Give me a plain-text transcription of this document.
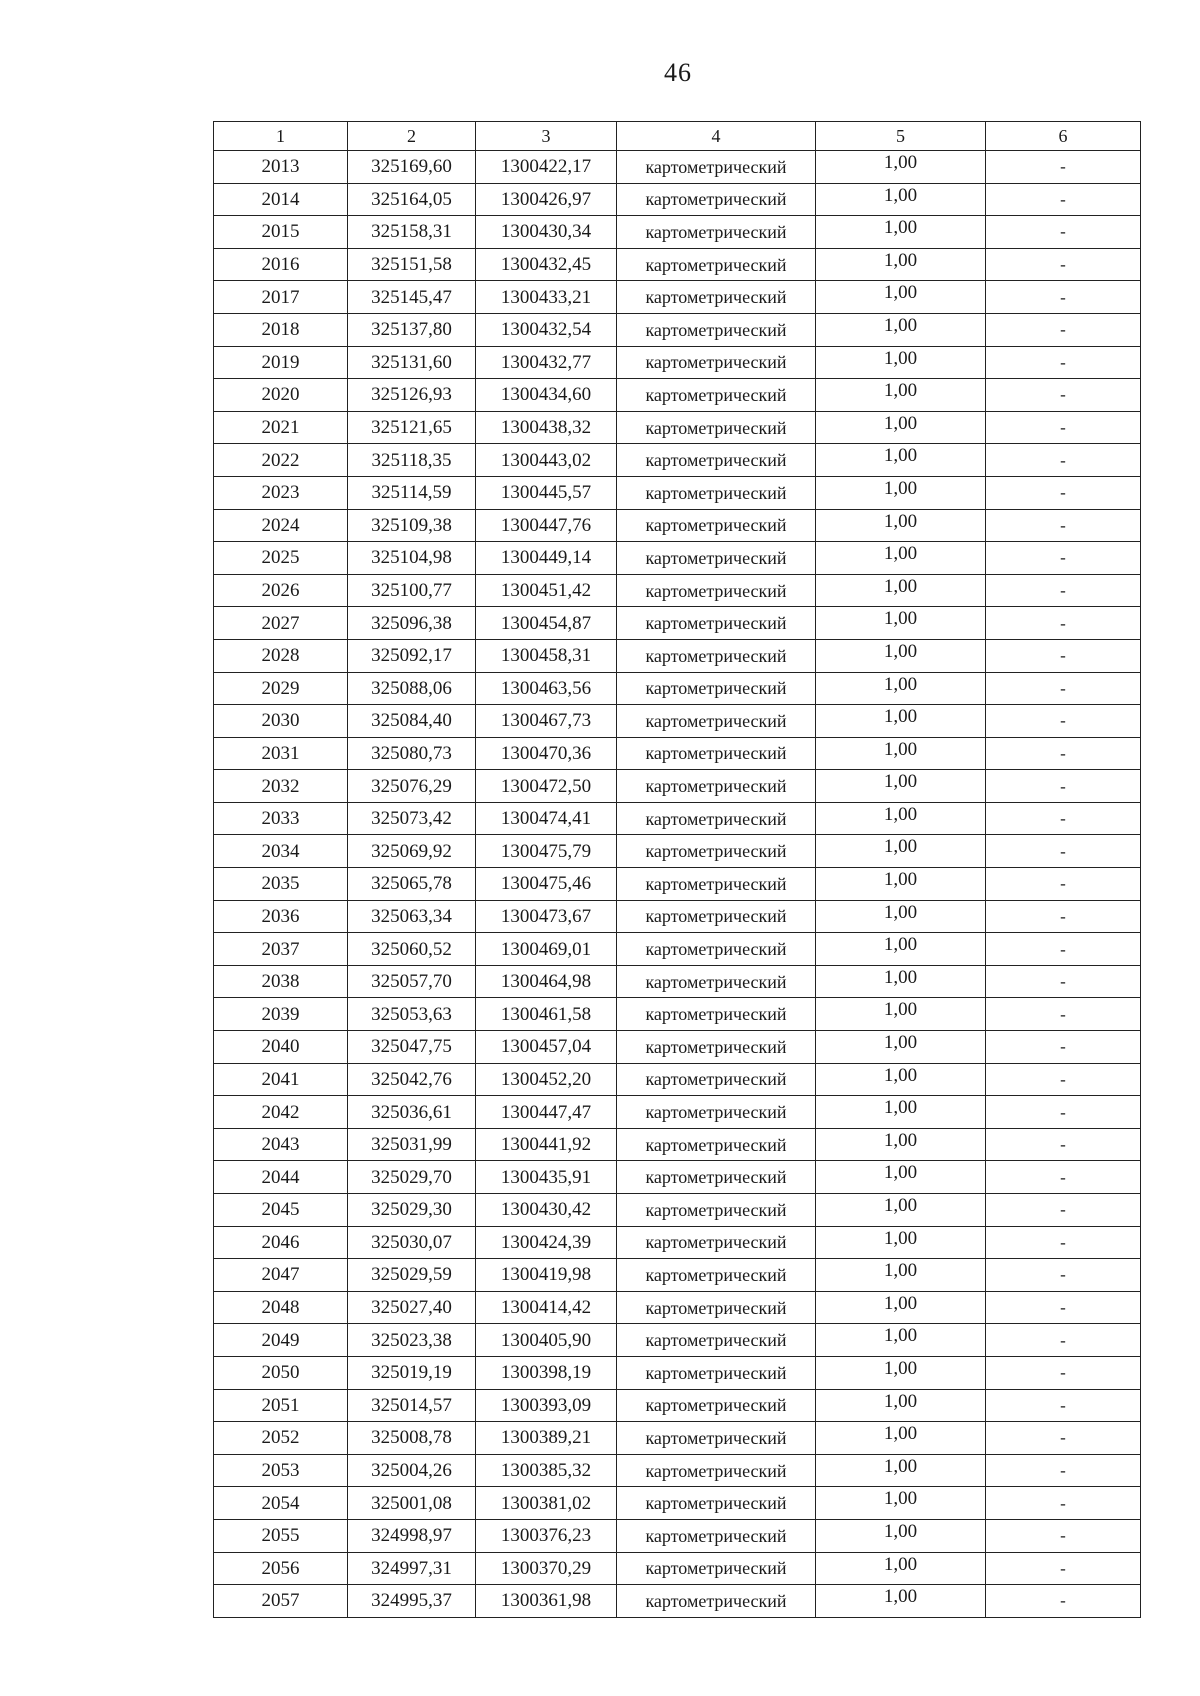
46
1	2	3	4	5	6
2013	325169,60	1300422,17	картометрический	1,00	-
2014	325164,05	1300426,97	картометрический	1,00	-
2015	325158,31	1300430,34	картометрический	1,00	-
2016	325151,58	1300432,45	картометрический	1,00	-
2017	325145,47	1300433,21	картометрический	1,00	-
2018	325137,80	1300432,54	картометрический	1,00	-
2019	325131,60	1300432,77	картометрический	1,00	-
2020	325126,93	1300434,60	картометрический	1,00	-
2021	325121,65	1300438,32	картометрический	1,00	-
2022	325118,35	1300443,02	картометрический	1,00	-
2023	325114,59	1300445,57	картометрический	1,00	-
2024	325109,38	1300447,76	картометрический	1,00	-
2025	325104,98	1300449,14	картометрический	1,00	-
2026	325100,77	1300451,42	картометрический	1,00	-
2027	325096,38	1300454,87	картометрический	1,00	-
2028	325092,17	1300458,31	картометрический	1,00	-
2029	325088,06	1300463,56	картометрический	1,00	-
2030	325084,40	1300467,73	картометрический	1,00	-
2031	325080,73	1300470,36	картометрический	1,00	-
2032	325076,29	1300472,50	картометрический	1,00	-
2033	325073,42	1300474,41	картометрический	1,00	-
2034	325069,92	1300475,79	картометрический	1,00	-
2035	325065,78	1300475,46	картометрический	1,00	-
2036	325063,34	1300473,67	картометрический	1,00	-
2037	325060,52	1300469,01	картометрический	1,00	-
2038	325057,70	1300464,98	картометрический	1,00	-
2039	325053,63	1300461,58	картометрический	1,00	-
2040	325047,75	1300457,04	картометрический	1,00	-
2041	325042,76	1300452,20	картометрический	1,00	-
2042	325036,61	1300447,47	картометрический	1,00	-
2043	325031,99	1300441,92	картометрический	1,00	-
2044	325029,70	1300435,91	картометрический	1,00	-
2045	325029,30	1300430,42	картометрический	1,00	-
2046	325030,07	1300424,39	картометрический	1,00	-
2047	325029,59	1300419,98	картометрический	1,00	-
2048	325027,40	1300414,42	картометрический	1,00	-
2049	325023,38	1300405,90	картометрический	1,00	-
2050	325019,19	1300398,19	картометрический	1,00	-
2051	325014,57	1300393,09	картометрический	1,00	-
2052	325008,78	1300389,21	картометрический	1,00	-
2053	325004,26	1300385,32	картометрический	1,00	-
2054	325001,08	1300381,02	картометрический	1,00	-
2055	324998,97	1300376,23	картометрический	1,00	-
2056	324997,31	1300370,29	картометрический	1,00	-
2057	324995,37	1300361,98	картометрический	1,00	-
